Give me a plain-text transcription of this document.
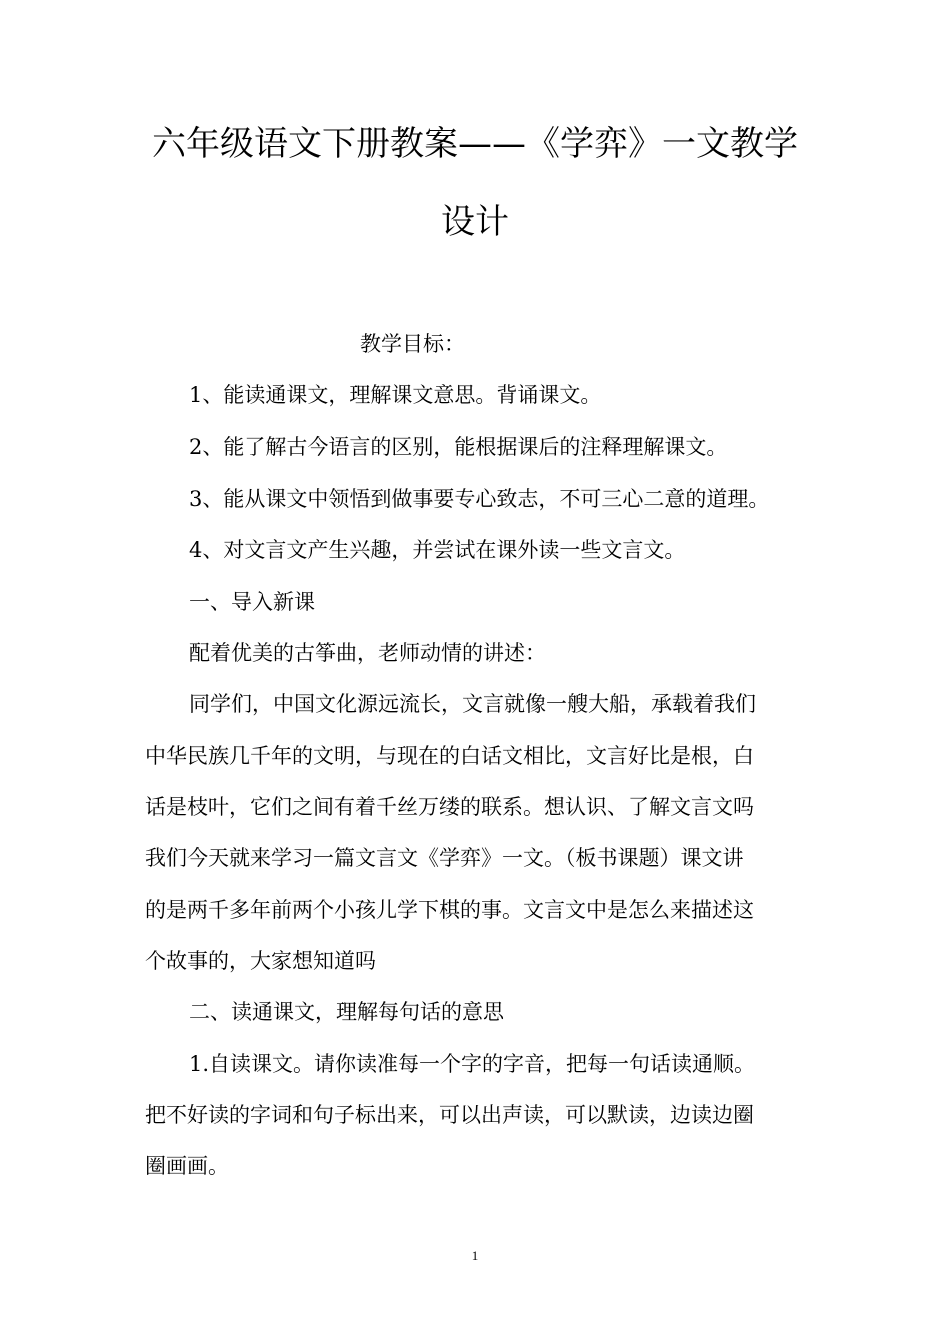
六年级语文下册教案——《学弈》一文教学
设计
教学目标：
1、能读通课文，理解课文意思。背诵课文。
2、能了解古今语言的区别，能根据课后的注释理解课文。
3、能从课文中领悟到做事要专心致志，不可三心二意的道理。
4、对文言文产生兴趣，并尝试在课外读一些文言文。
一、导入新课
配着优美的古筝曲，老师动情的讲述：
同学们，中国文化源远流长，文言就像一艘大船，承载着我们
中华民族几千年的文明，与现在的白话文相比，文言好比是根，白
话是枝叶，它们之间有着千丝万缕的联系。想认识、了解文言文吗
我们今天就来学习一篇文言文《学弈》一文。（板书课题）课文讲
的是两千多年前两个小孩儿学下棋的事。文言文中是怎么来描述这
个故事的，大家想知道吗
二、读通课文，理解每句话的意思
1.自读课文。请你读准每一个字的字音，把每一句话读通顺。
把不好读的字词和句子标出来，可以出声读，可以默读，边读边圈
圈画画。
1
